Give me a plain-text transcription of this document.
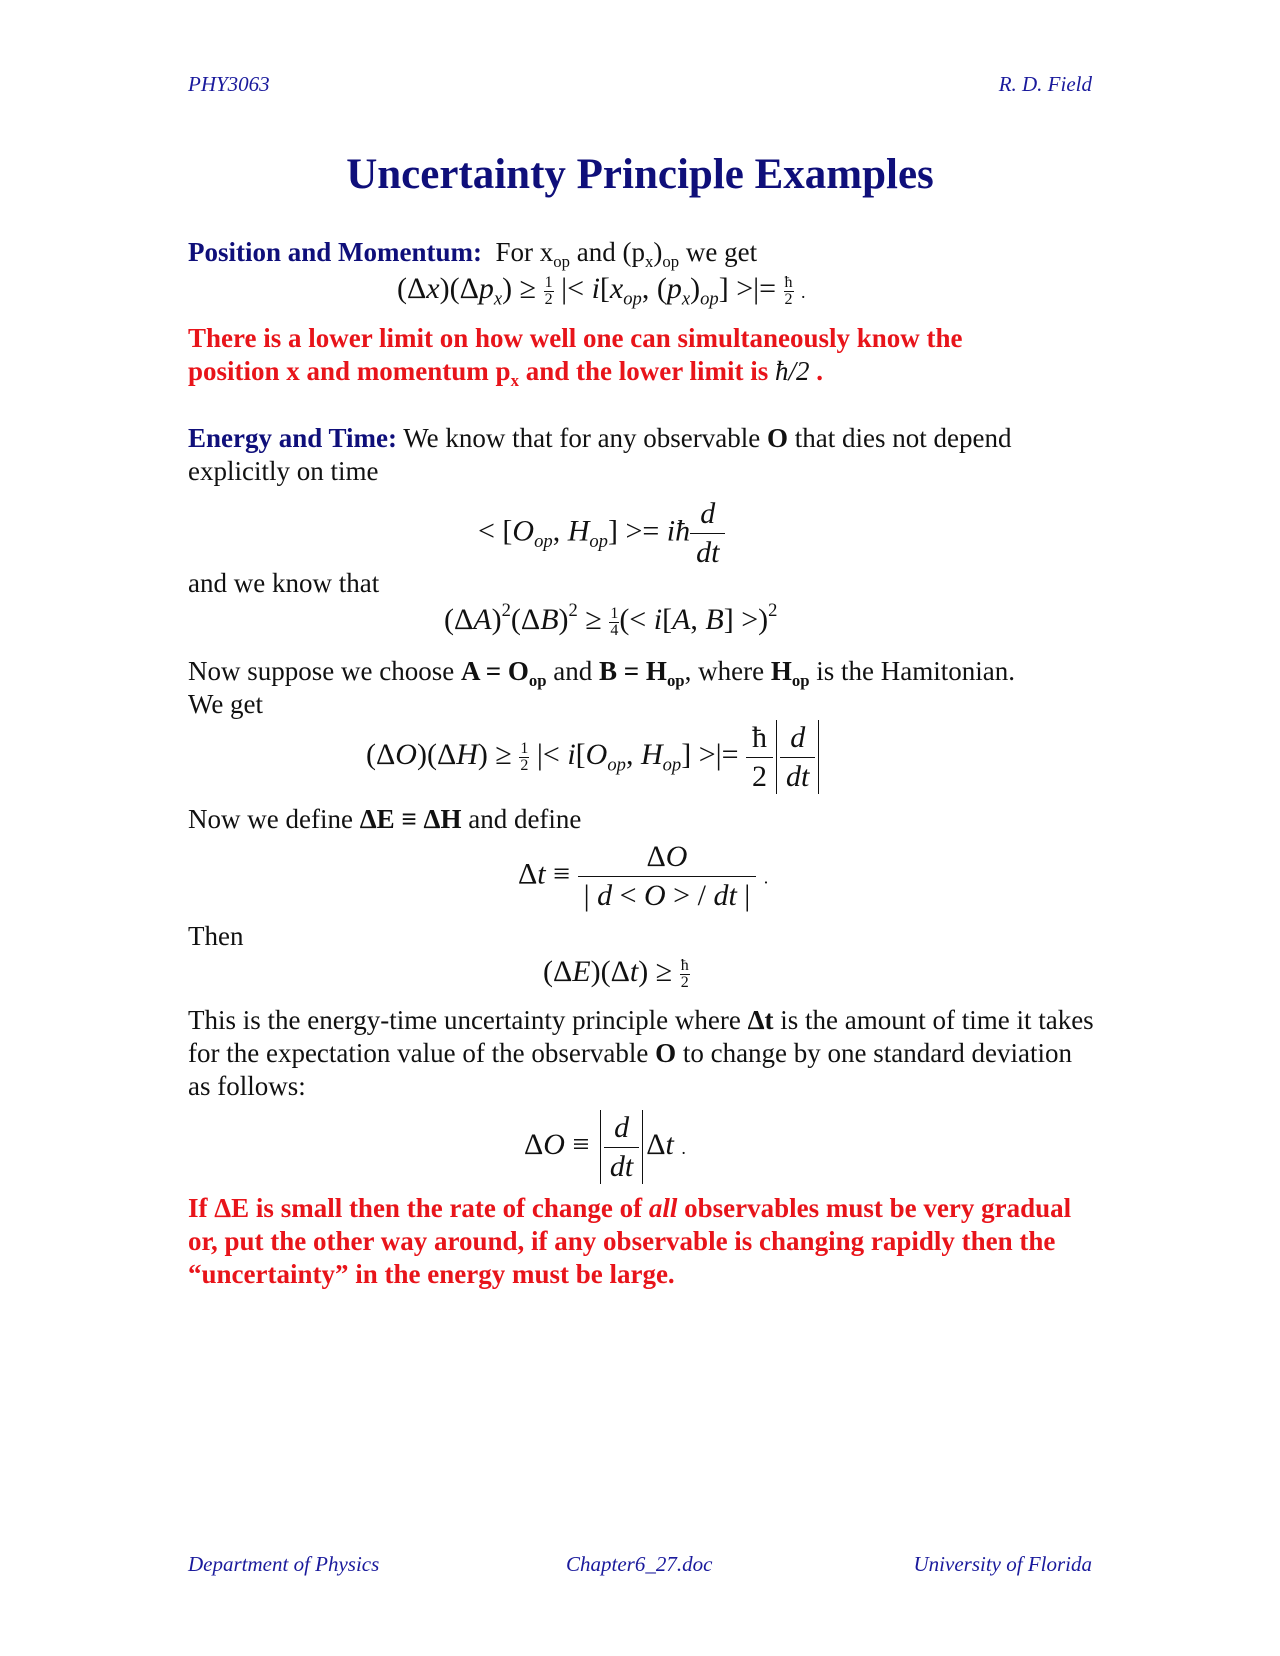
PHY3063	R. D. Field
Uncertainty Principle Examples
Position and Momentum: For $x_{op}$ and $(p_x)_{op}$ we get
$(\Delta x)(\Delta p_x) \ge \frac{1}{2}$ |< $i[x_{op}$, $(p_x)_{op}$] >|= $\frac{ħ}{2}$ .
There is a lower limit on how well one can simultaneously know the
position x and momentum $p_x$ and the lower limit is ħ/2 .
Energy and Time: We know that for any observable O that dies not depend explicitly on time
< [$O_{op}$, $H_{op}$] >= iħ $\frac{d}{dt}$
and we know that
$(\Delta A)^2(\Delta B)^2 \ge \frac{1}{4}$ (< i[A, B] >)$^2$
Now suppose we choose $A = O_{op}$ and $B = H_{op}$, where $H_{op}$ is the Hamitonian.
We get
$(\Delta O)(\Delta H) \ge \frac{1}{2}$ |< $i[O_{op}$, $H_{op}$] >|= $\frac{ħ}{2} \frac{d}{dt}$
Now we define ΔE ≡ ΔH and define
$\Delta t \equiv \frac{\Delta O}{| d < O > / dt |}$ .
Then
$(\Delta E)(\Delta t) \ge \frac{ħ}{2}$
This is the energy-time uncertainty principle where Δt is the amount of time it takes for the expectation value of the observable O to change by one standard deviation as follows:
$\Delta O \equiv \frac{d}{dt}$ Δt .
If ΔE is small then the rate of change of all observables must be very gradual or, put the other way around, if any observable is changing rapidly then the “uncertainty” in the energy must be large.
Department of Physics	Chapter6_27.doc	University of Florida
